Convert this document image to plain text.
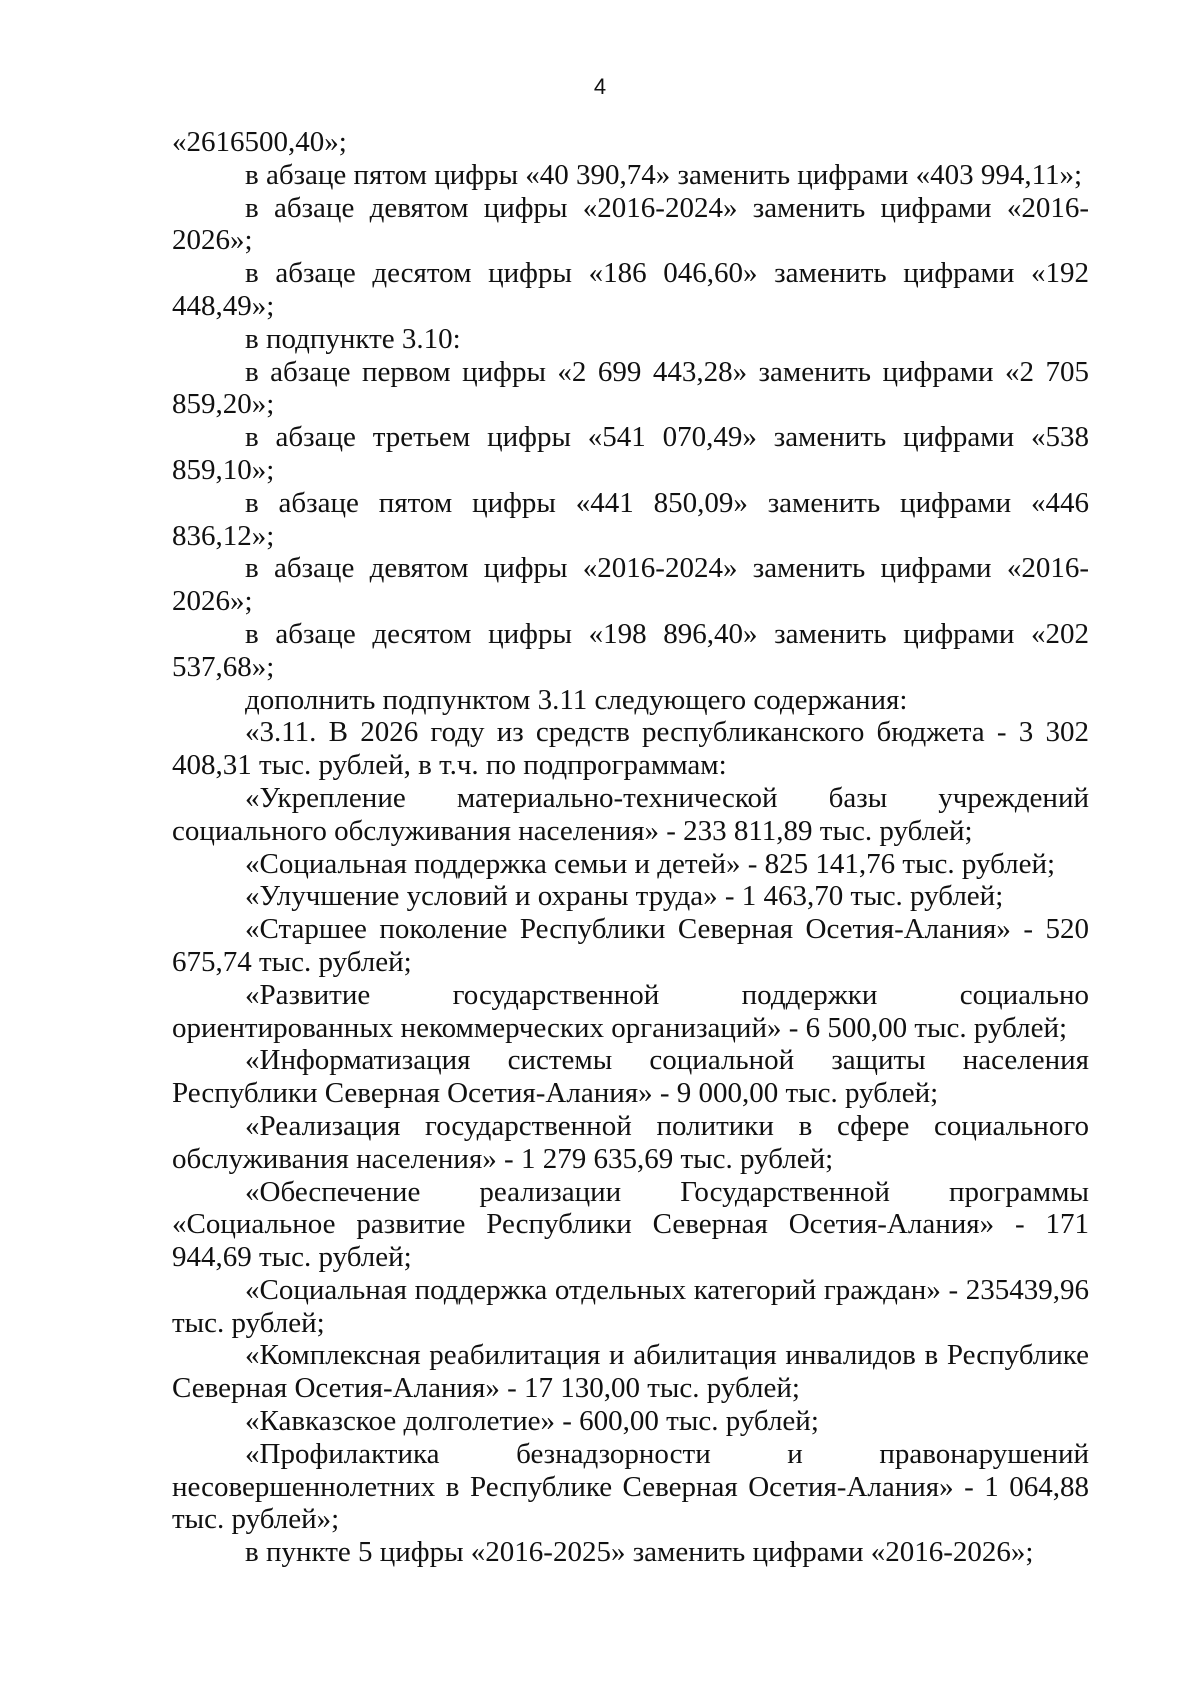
4

«2616500,40»;

в абзаце пятом цифры «40 390,74» заменить цифрами «403 994,11»;

в абзаце девятом цифры «2016-2024» заменить цифрами «2016-2026»;

в абзаце десятом цифры «186 046,60» заменить цифрами «192 448,49»;

в подпункте 3.10:

в абзаце первом цифры «2 699 443,28» заменить цифрами «2 705 859,20»;

в абзаце третьем цифры «541 070,49» заменить цифрами «538 859,10»;

в абзаце пятом цифры «441 850,09» заменить цифрами «446 836,12»;

в абзаце девятом цифры «2016-2024» заменить цифрами «2016-2026»;

в абзаце десятом цифры «198 896,40» заменить цифрами «202 537,68»;

дополнить подпунктом 3.11 следующего содержания:

«3.11. В 2026 году из средств республиканского бюджета - 3 302 408,31 тыс. рублей, в т.ч. по подпрограммам:

«Укрепление материально-технической базы учреждений социального обслуживания населения» - 233 811,89 тыс. рублей;

«Социальная поддержка семьи и детей» - 825 141,76 тыс. рублей;

«Улучшение условий и охраны труда» - 1 463,70 тыс. рублей;

«Старшее поколение Республики Северная Осетия-Алания» - 520 675,74 тыс. рублей;

«Развитие государственной поддержки социально ориентированных некоммерческих организаций» - 6 500,00 тыс. рублей;

«Информатизация системы социальной защиты населения Республики Северная Осетия-Алания» - 9 000,00 тыс. рублей;

«Реализация государственной политики в сфере социального обслуживания населения» - 1 279 635,69 тыс. рублей;

«Обеспечение реализации Государственной программы «Социальное развитие Республики Северная Осетия-Алания» - 171 944,69 тыс. рублей;

«Социальная поддержка отдельных категорий граждан» - 235439,96 тыс. рублей;

«Комплексная реабилитация и абилитация инвалидов в Республике Северная Осетия-Алания» - 17 130,00 тыс. рублей;

«Кавказское долголетие» - 600,00 тыс. рублей;

«Профилактика безнадзорности и правонарушений несовершеннолетних в Республике Северная Осетия-Алания» - 1 064,88 тыс. рублей»;

в пункте 5 цифры «2016-2025» заменить цифрами «2016-2026»;
